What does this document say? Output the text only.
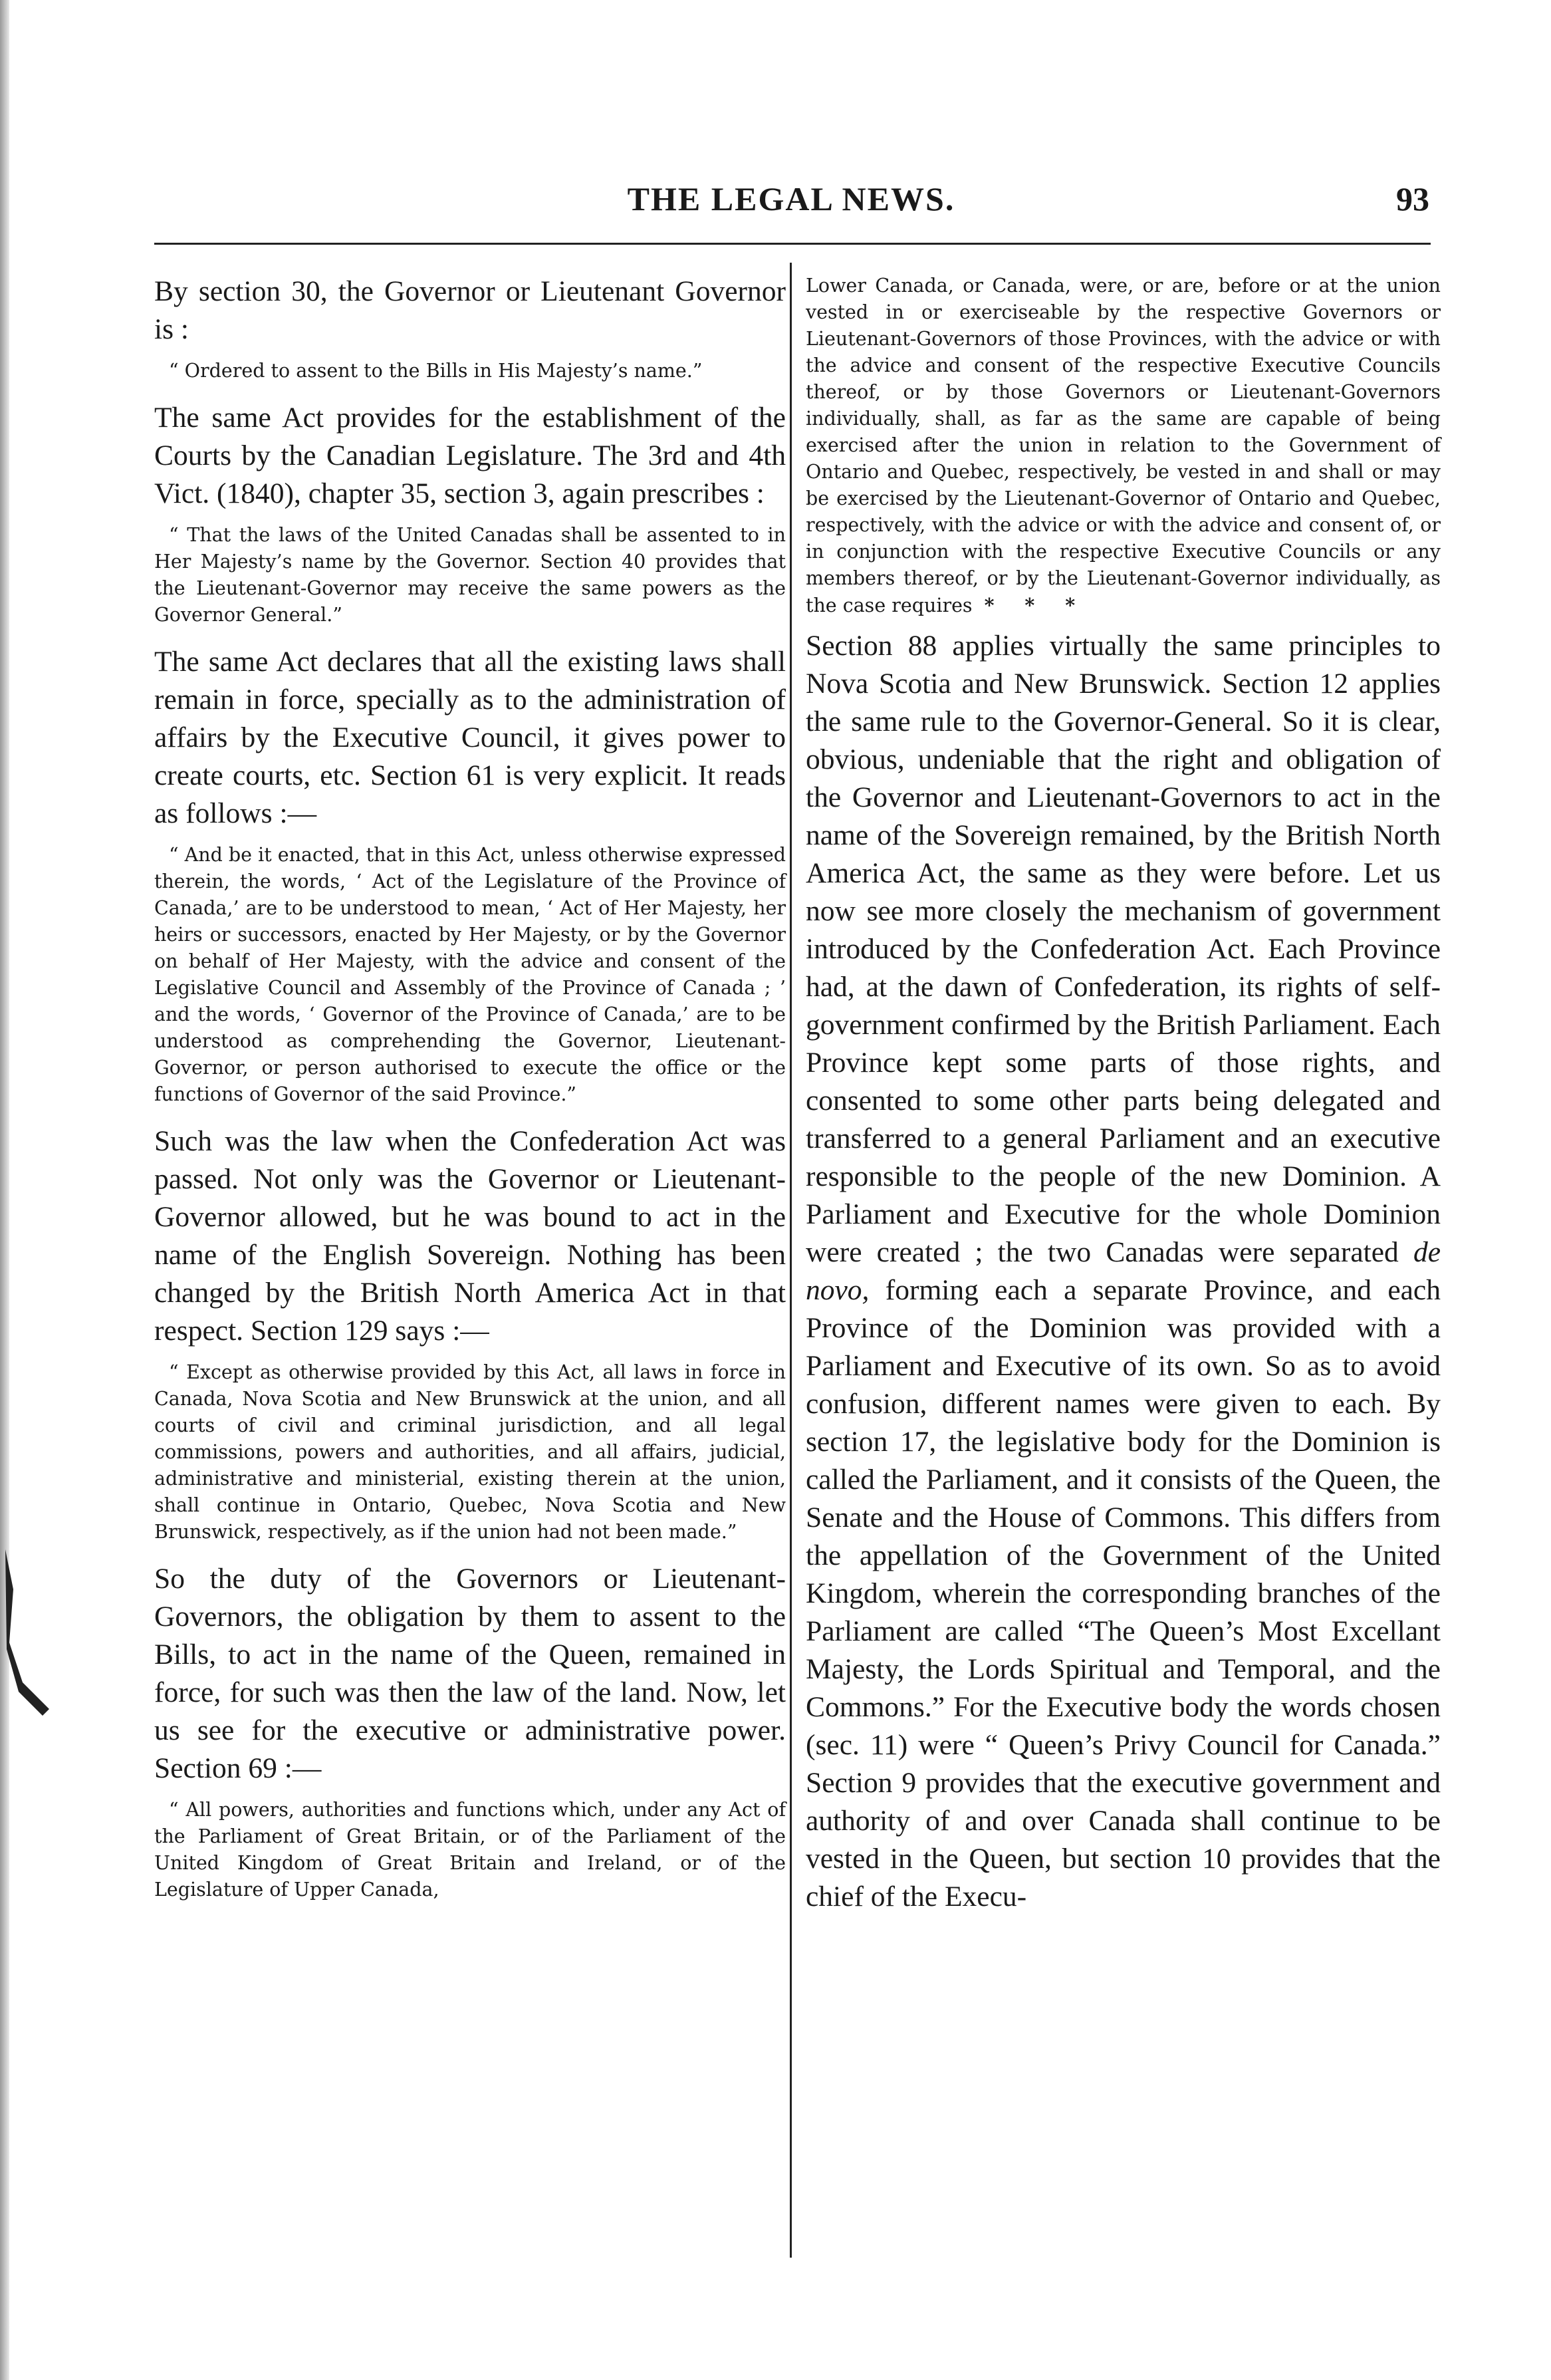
THE LEGAL NEWS.	93

By section 30, the Governor or Lieutenant Governor is :

“ Ordered to assent to the Bills in His Majesty’s name.”

The same Act provides for the establishment of the Courts by the Canadian Legislature. The 3rd and 4th Vict. (1840), chapter 35, section 3, again prescribes :

“ That the laws of the United Canadas shall be assented to in Her Majesty’s name by the Governor. Section 40 provides that the Lieutenant-Governor may receive the same powers as the Governor General.”

The same Act declares that all the existing laws shall remain in force, specially as to the administration of affairs by the Executive Council, it gives power to create courts, etc. Section 61 is very explicit. It reads as follows :—

“ And be it enacted, that in this Act, unless otherwise expressed therein, the words, ‘ Act of the Legislature of the Province of Canada,’ are to be understood to mean, ‘ Act of Her Majesty, her heirs or successors, enacted by Her Majesty, or by the Governor on behalf of Her Majesty, with the advice and consent of the Legislative Council and Assembly of the Province of Canada ; ’ and the words, ‘ Governor of the Province of Canada,’ are to be understood as comprehending the Governor, Lieutenant-Governor, or person authorised to execute the office or the functions of Governor of the said Province.”

Such was the law when the Confederation Act was passed. Not only was the Governor or Lieutenant-Governor allowed, but he was bound to act in the name of the English Sovereign. Nothing has been changed by the British North America Act in that respect. Section 129 says :—

“ Except as otherwise provided by this Act, all laws in force in Canada, Nova Scotia and New Brunswick at the union, and all courts of civil and criminal jurisdiction, and all legal commissions, powers and authorities, and all affairs, judicial, administrative and ministerial, existing therein at the union, shall continue in Ontario, Quebec, Nova Scotia and New Brunswick, respectively, as if the union had not been made.”

So the duty of the Governors or Lieutenant-Governors, the obligation by them to assent to the Bills, to act in the name of the Queen, remained in force, for such was then the law of the land. Now, let us see for the executive or administrative power. Section 69 :—

“ All powers, authorities and functions which, under any Act of the Parliament of Great Britain, or of the Parliament of the United Kingdom of Great Britain and Ireland, or of the Legislature of Upper Canada,

Lower Canada, or Canada, were, or are, before or at the union vested in or exerciseable by the respective Governors or Lieutenant-Governors of those Provinces, with the advice or with the advice and consent of the respective Executive Councils thereof, or by those Governors or Lieutenant-Governors individually, shall, as far as the same are capable of being exercised after the union in relation to the Government of Ontario and Quebec, respectively, be vested in and shall or may be exercised by the Lieutenant-Governor of Ontario and Quebec, respectively, with the advice or with the advice and consent of, or in conjunction with the respective Executive Councils or any members thereof, or by the Lieutenant-Governor individually, as the case requires * * *

Section 88 applies virtually the same principles to Nova Scotia and New Brunswick. Section 12 applies the same rule to the Governor-General. So it is clear, obvious, undeniable that the right and obligation of the Governor and Lieutenant-Governors to act in the name of the Sovereign remained, by the British North America Act, the same as they were before. Let us now see more closely the mechanism of government introduced by the Confederation Act. Each Province had, at the dawn of Confederation, its rights of self-government confirmed by the British Parliament. Each Province kept some parts of those rights, and consented to some other parts being delegated and transferred to a general Parliament and an executive responsible to the people of the new Dominion. A Parliament and Executive for the whole Dominion were created ; the two Canadas were separated de novo, forming each a separate Province, and each Province of the Dominion was provided with a Parliament and Executive of its own. So as to avoid confusion, different names were given to each. By section 17, the legislative body for the Dominion is called the Parliament, and it consists of the Queen, the Senate and the House of Commons. This differs from the appellation of the Government of the United Kingdom, wherein the corresponding branches of the Parliament are called “The Queen’s Most Excellant Majesty, the Lords Spiritual and Temporal, and the Commons.” For the Executive body the words chosen (sec. 11) were “ Queen’s Privy Council for Canada.” Section 9 provides that the executive government and authority of and over Canada shall continue to be vested in the Queen, but section 10 provides that the chief of the Execu-
